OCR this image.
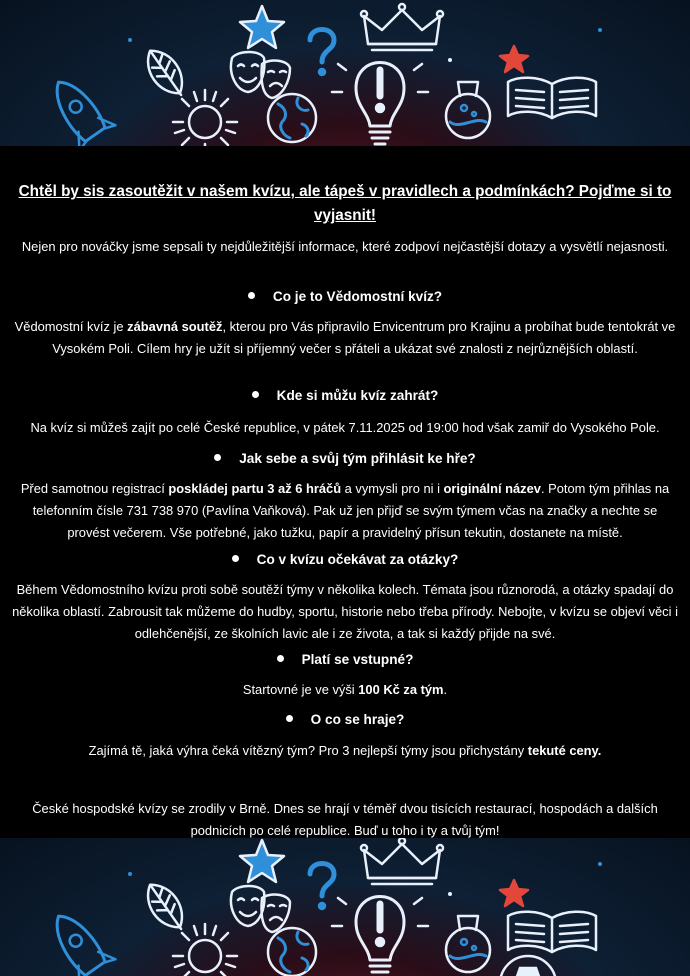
Chtěl by sis zasoutěžit v našem kvízu, ale tápeš v pravidlech a podmínkách? Pojďme si to vyjasnit!
Nejen pro nováčky jsme sepsali ty nejdůležitější informace, které zodpoví nejčastější dotazy a vysvětlí nejasnosti.
Co je to Vědomostní kvíz?
Vědomostní kvíz je zábavná soutěž, kterou pro Vás připravilo Envicentrum pro Krajinu a probíhat bude tentokrát ve Vysokém Poli. Cílem hry je užít si příjemný večer s přáteli a ukázat své znalosti z nejrůznějších oblastí.
Kde si můžu kvíz zahrát?
Na kvíz si můžeš zajít po celé České republice, v pátek 7.11.2025 od 19:00 hod však zamiř do Vysokého Pole.
Jak sebe a svůj tým přihlásit ke hře?
Před samotnou registrací poskládej partu 3 až 6 hráčů a vymysli pro ni i originální název. Potom tým přihlas na telefonním čísle 731 738 970 (Pavlína Vaňková). Pak už jen přijď se svým týmem včas na značky a nechte se provést večerem. Vše potřebné, jako tužku, papír a pravidelný přísun tekutin, dostanete na místě.
Co v kvízu očekávat za otázky?
Během Vědomostního kvízu proti sobě soutěží týmy v několika kolech. Témata jsou různorodá, a otázky spadají do několika oblastí. Zabrousit tak můžeme do hudby, sportu, historie nebo třeba přírody. Nebojte, v kvízu se objeví věci i odlehčenější, ze školních lavic ale i ze života, a tak si každý přijde na své.
Platí se vstupné?
Startovné je ve výši 100 Kč za tým.
O co se hraje?
Zajímá tě, jaká výhra čeká vítězný tým? Pro 3 nejlepší týmy jsou přichystány tekuté ceny.
České hospodské kvízy se zrodily v Brně. Dnes se hrají v téměř dvou tisících restaurací, hospodách a dalších podnicích po celé republice. Buď u toho i ty a tvůj tým!
